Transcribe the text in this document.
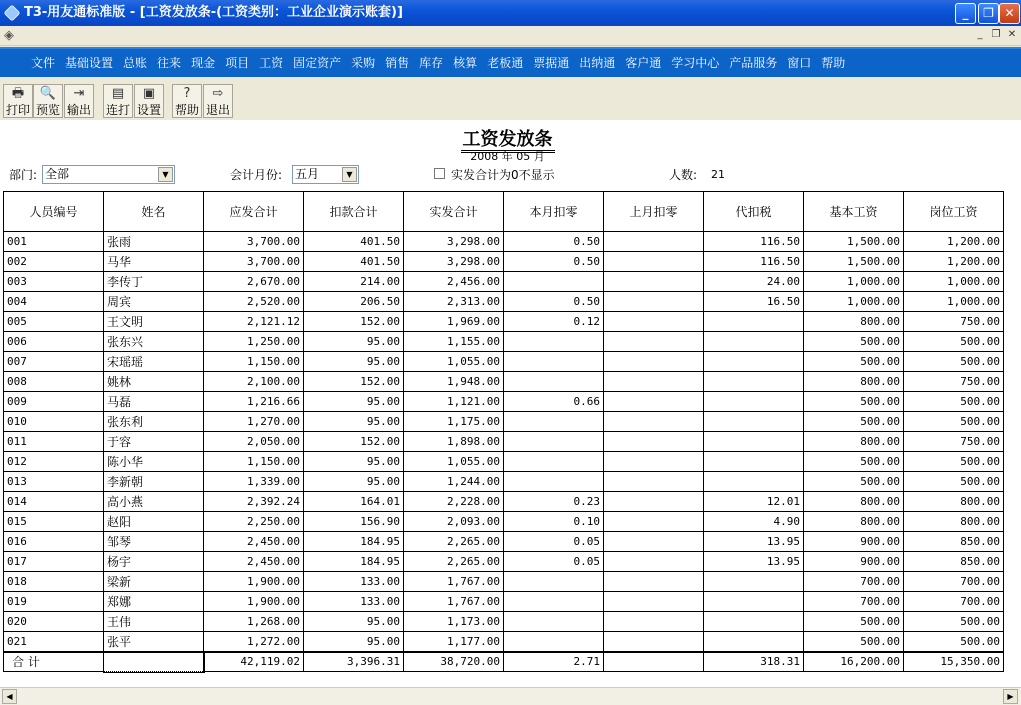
T3-用友通标准版 - [工资发放条-(工资类别：工业企业演示账套)]	_	❐ ✕
◈	_ ❐ ✕
文件 基础设置 总账 往来 现金 项目 工资 固定资产 采购 销售 库存 核算 老板通 票据通 出纳通 客户通 学习中心 产品服务 窗口 帮助
🖶
打印
🔍
预览
⇥
输出
▤
连打
▣
设置
?
帮助
⇨
退出
工资发放条
2008 年 05 月
部门: 全部	▼	会计月份: 五月	▼	实发合计为0不显示	人数: 21
人员编号	姓名	应发合计	扣款合计	实发合计	本月扣零	上月扣零	代扣税	基本工资	岗位工资
001	张雨	3,700.00	401.50	3,298.00	0.50		116.50	1,500.00	1,200.00
002	马华	3,700.00	401.50	3,298.00	0.50		116.50	1,500.00	1,200.00
003	李传丁	2,670.00	214.00	2,456.00			24.00	1,000.00	1,000.00
004	周宾	2,520.00	206.50	2,313.00	0.50		16.50	1,000.00	1,000.00
005	王文明	2,121.12	152.00	1,969.00	0.12			800.00	750.00
006	张东兴	1,250.00	95.00	1,155.00				500.00	500.00
007	宋瑶瑶	1,150.00	95.00	1,055.00				500.00	500.00
008	姚林	2,100.00	152.00	1,948.00				800.00	750.00
009	马磊	1,216.66	95.00	1,121.00	0.66			500.00	500.00
010	张东利	1,270.00	95.00	1,175.00				500.00	500.00
011	于容	2,050.00	152.00	1,898.00				800.00	750.00
012	陈小华	1,150.00	95.00	1,055.00				500.00	500.00
013	李新朝	1,339.00	95.00	1,244.00				500.00	500.00
014	高小燕	2,392.24	164.01	2,228.00	0.23		12.01	800.00	800.00
015	赵阳	2,250.00	156.90	2,093.00	0.10		4.90	800.00	800.00
016	邹琴	2,450.00	184.95	2,265.00	0.05		13.95	900.00	850.00
017	杨宇	2,450.00	184.95	2,265.00	0.05		13.95	900.00	850.00
018	梁新	1,900.00	133.00	1,767.00				700.00	700.00
019	郑娜	1,900.00	133.00	1,767.00				700.00	700.00
020	王伟	1,268.00	95.00	1,173.00				500.00	500.00
021	张平	1,272.00	95.00	1,177.00				500.00	500.00
合 计		42,119.02	3,396.31	38,720.00	2.71		318.31	16,200.00	15,350.00
◀	▶
